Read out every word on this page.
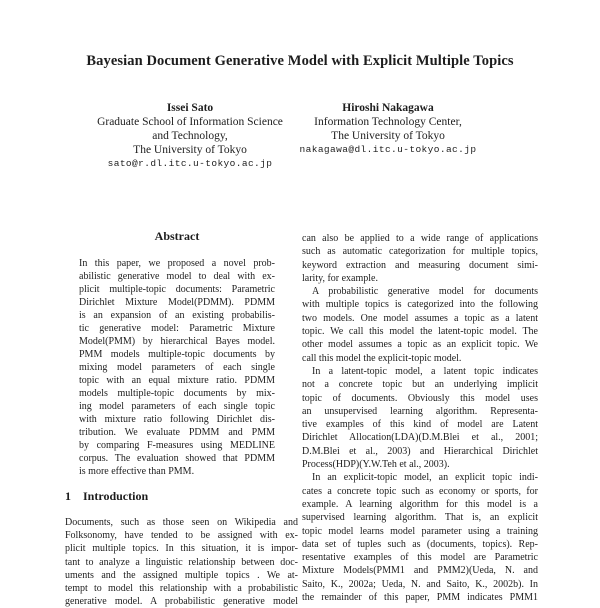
Bayesian Document Generative Model with Explicit Multiple Topics
Issei Sato
Graduate School of Information Science
and Technology,
The University of Tokyo
sato@r.dl.itc.u-tokyo.ac.jp
Hiroshi Nakagawa
Information Technology Center,
The University of Tokyo
nakagawa@dl.itc.u-tokyo.ac.jp
Abstract
In this paper, we proposed a novel prob-
abilistic generative model to deal with ex-
plicit multiple-topic documents: Parametric
Dirichlet Mixture Model(PDMM). PDMM
is an expansion of an existing probabilis-
tic generative model: Parametric Mixture
Model(PMM) by hierarchical Bayes model.
PMM models multiple-topic documents by
mixing model parameters of each single
topic with an equal mixture ratio. PDMM
models multiple-topic documents by mix-
ing model parameters of each single topic
with mixture ratio following Dirichlet dis-
tribution. We evaluate PDMM and PMM
by comparing F-measures using MEDLINE
corpus. The evaluation showed that PDMM
is more effective than PMM.
1 Introduction
Documents, such as those seen on Wikipedia and
Folksonomy, have tended to be assigned with ex-
plicit multiple topics. In this situation, it is impor-
tant to analyze a linguistic relationship between doc-
uments and the assigned multiple topics . We at-
tempt to model this relationship with a probabilistic
generative model. A probabilistic generative model
can also be applied to a wide range of applications
such as automatic categorization for multiple topics,
keyword extraction and measuring document simi-
larity, for example.
A probabilistic generative model for documents
with multiple topics is categorized into the following
two models. One model assumes a topic as a latent
topic. We call this model the latent-topic model. The
other model assumes a topic as an explicit topic. We
call this model the explicit-topic model.
In a latent-topic model, a latent topic indicates
not a concrete topic but an underlying implicit
topic of documents. Obviously this model uses
an unsupervised learning algorithm. Representa-
tive examples of this kind of model are Latent
Dirichlet Allocation(LDA)(D.M.Blei et al., 2001;
D.M.Blei et al., 2003) and Hierarchical Dirichlet
Process(HDP)(Y.W.Teh et al., 2003).
In an explicit-topic model, an explicit topic indi-
cates a concrete topic such as economy or sports, for
example. A learning algorithm for this model is a
supervised learning algorithm. That is, an explicit
topic model learns model parameter using a training
data set of tuples such as (documents, topics). Rep-
resentative examples of this model are Parametric
Mixture Models(PMM1 and PMM2)(Ueda, N. and
Saito, K., 2002a; Ueda, N. and Saito, K., 2002b). In
the remainder of this paper, PMM indicates PMM1
